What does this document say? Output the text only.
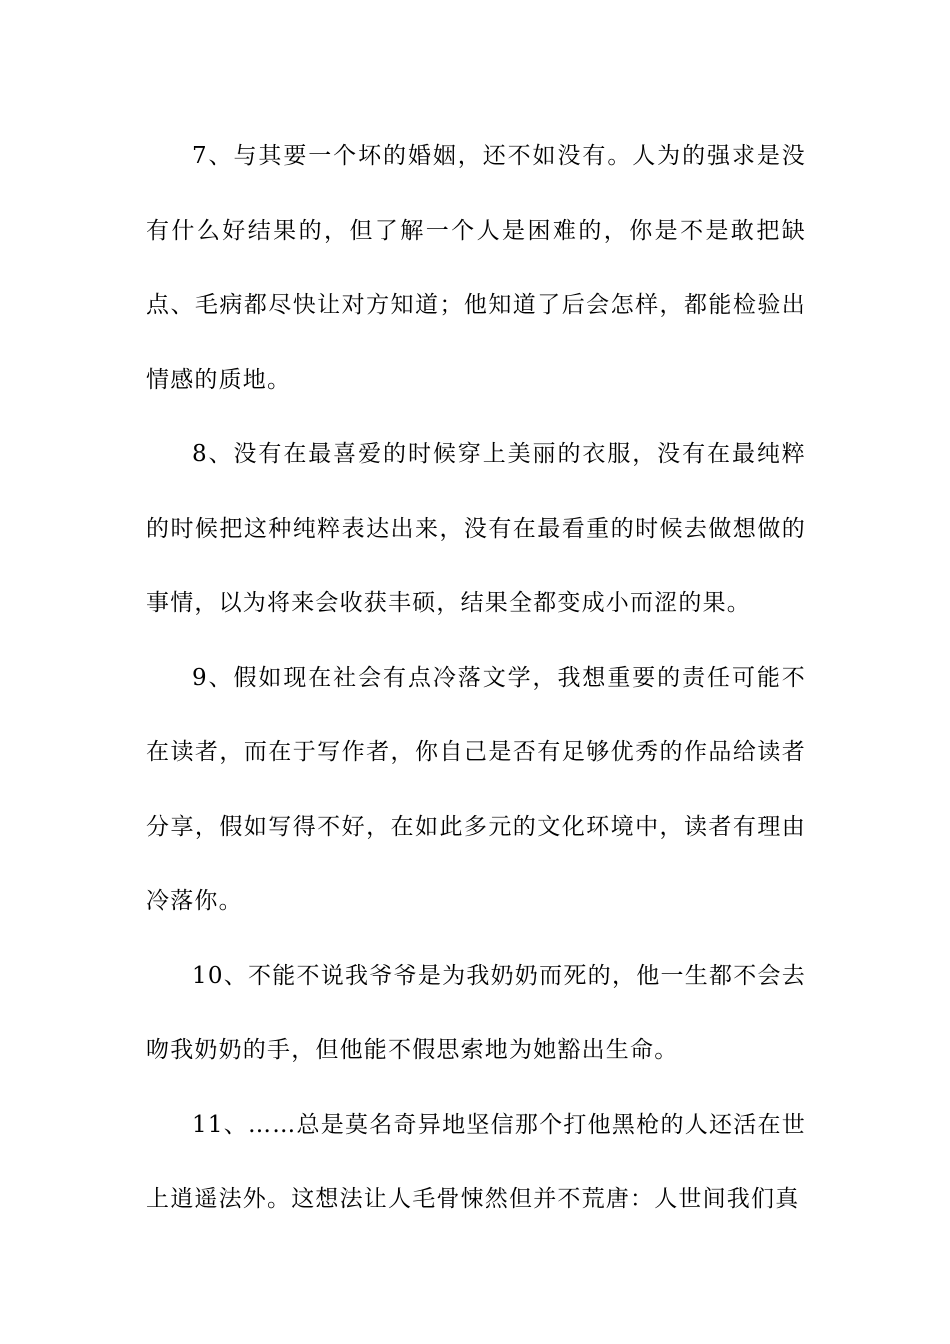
7、与其要一个坏的婚姻，还不如没有。人为的强求是没有什么好结果的，但了解一个人是困难的，你是不是敢把缺点、毛病都尽快让对方知道；他知道了后会怎样，都能检验出情感的质地。

8、没有在最喜爱的时候穿上美丽的衣服，没有在最纯粹的时候把这种纯粹表达出来，没有在最看重的时候去做想做的事情，以为将来会收获丰硕，结果全都变成小而涩的果。

9、假如现在社会有点冷落文学，我想重要的责任可能不在读者，而在于写作者，你自己是否有足够优秀的作品给读者分享，假如写得不好，在如此多元的文化环境中，读者有理由冷落你。

10、不能不说我爷爷是为我奶奶而死的，他一生都不会去吻我奶奶的手，但他能不假思索地为她豁出生命。

11、……总是莫名奇异地坚信那个打他黑枪的人还活在世上逍遥法外。这想法让人毛骨悚然但并不荒唐：人世间我们真
